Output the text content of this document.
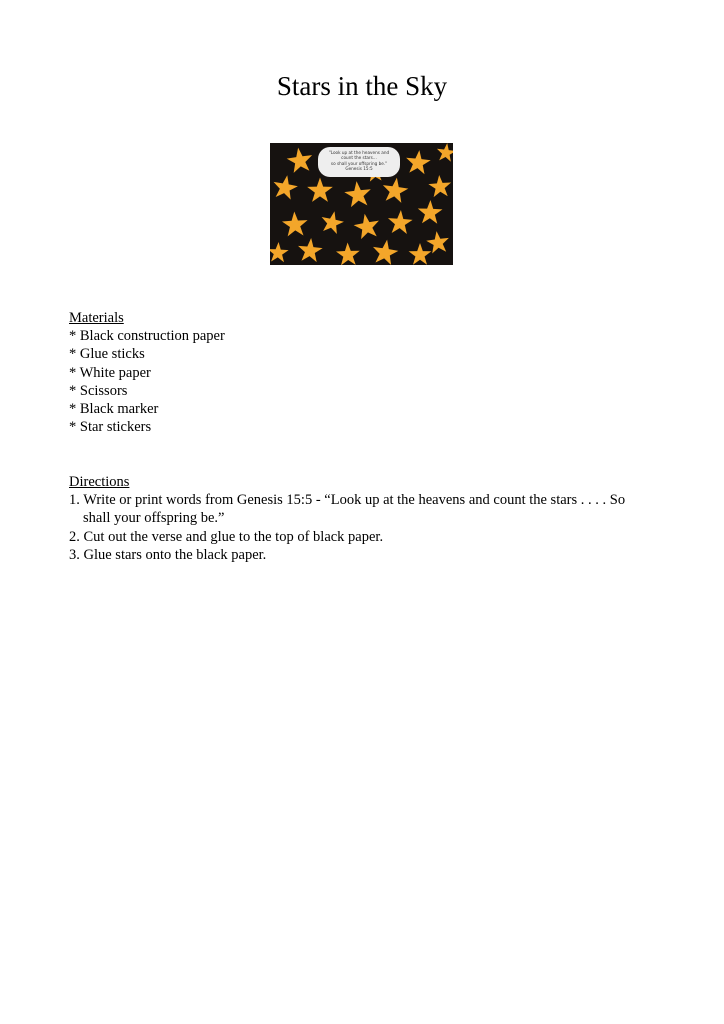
Stars in the Sky
"Look up at the heavens and
count the stars...
so shall your offspring be."
Genesis 15:5
Materials
* Black construction paper
* Glue sticks
* White paper
* Scissors
* Black marker
* Star stickers
Directions
1. Write or print words from Genesis 15:5 - “Look up at the heavens and count the stars . . . . So shall your offspring be.”
2. Cut out the verse and glue to the top of black paper.
3. Glue stars onto the black paper.
